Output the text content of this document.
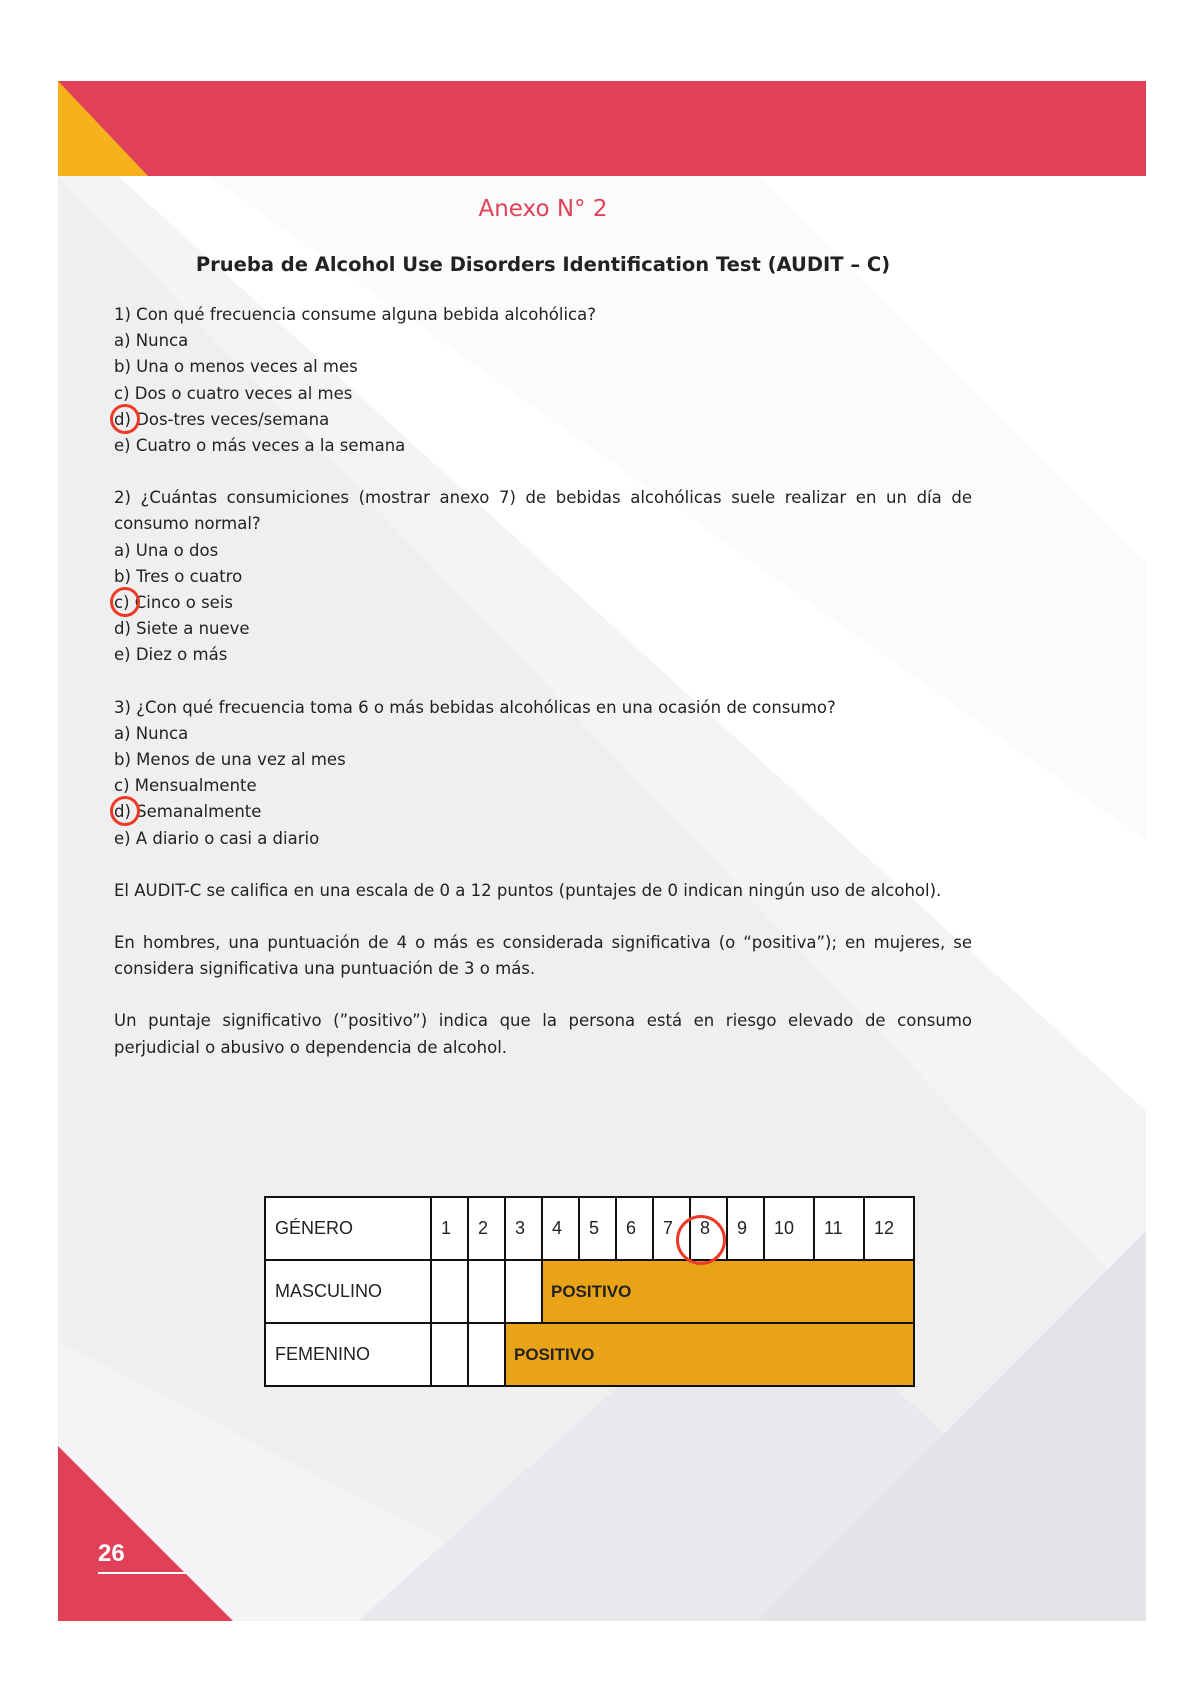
26
Anexo N° 2
Prueba de Alcohol Use Disorders Identification Test (AUDIT – C)

1) Con qué frecuencia consume alguna bebida alcohólica?

a) Nunca
b) Una o menos veces al mes
c) Dos o cuatro veces al mes
d) Dos-tres veces/semana
e) Cuatro o más veces a la semana

2) ¿Cuántas consumiciones (mostrar anexo 7) de bebidas alcohólicas suele realizar en un día de consumo normal?

a) Una o dos
b) Tres o cuatro
c) Cinco o seis
d) Siete a nueve
e) Diez o más

3) ¿Con qué frecuencia toma 6 o más bebidas alcohólicas en una ocasión de consumo?

a) Nunca
b) Menos de una vez al mes
c) Mensualmente
d) Semanalmente
e) A diario o casi a diario

El AUDIT-C se califica en una escala de 0 a 12 puntos (puntajes de 0 indican ningún uso de alcohol).

En hombres, una puntuación de 4 o más es considerada significativa (o “positiva”); en mujeres, se considera significativa una puntuación de 3 o más.

Un puntaje significativo (”positivo”) indica que la persona está en riesgo elevado de consumo perjudicial o abusivo o dependencia de alcohol.

GÉNERO	1	2	3	4	5	6	7	8	9	10	11	12
MASCULINO				POSITIVO								
FEMENINO			POSITIVO									
